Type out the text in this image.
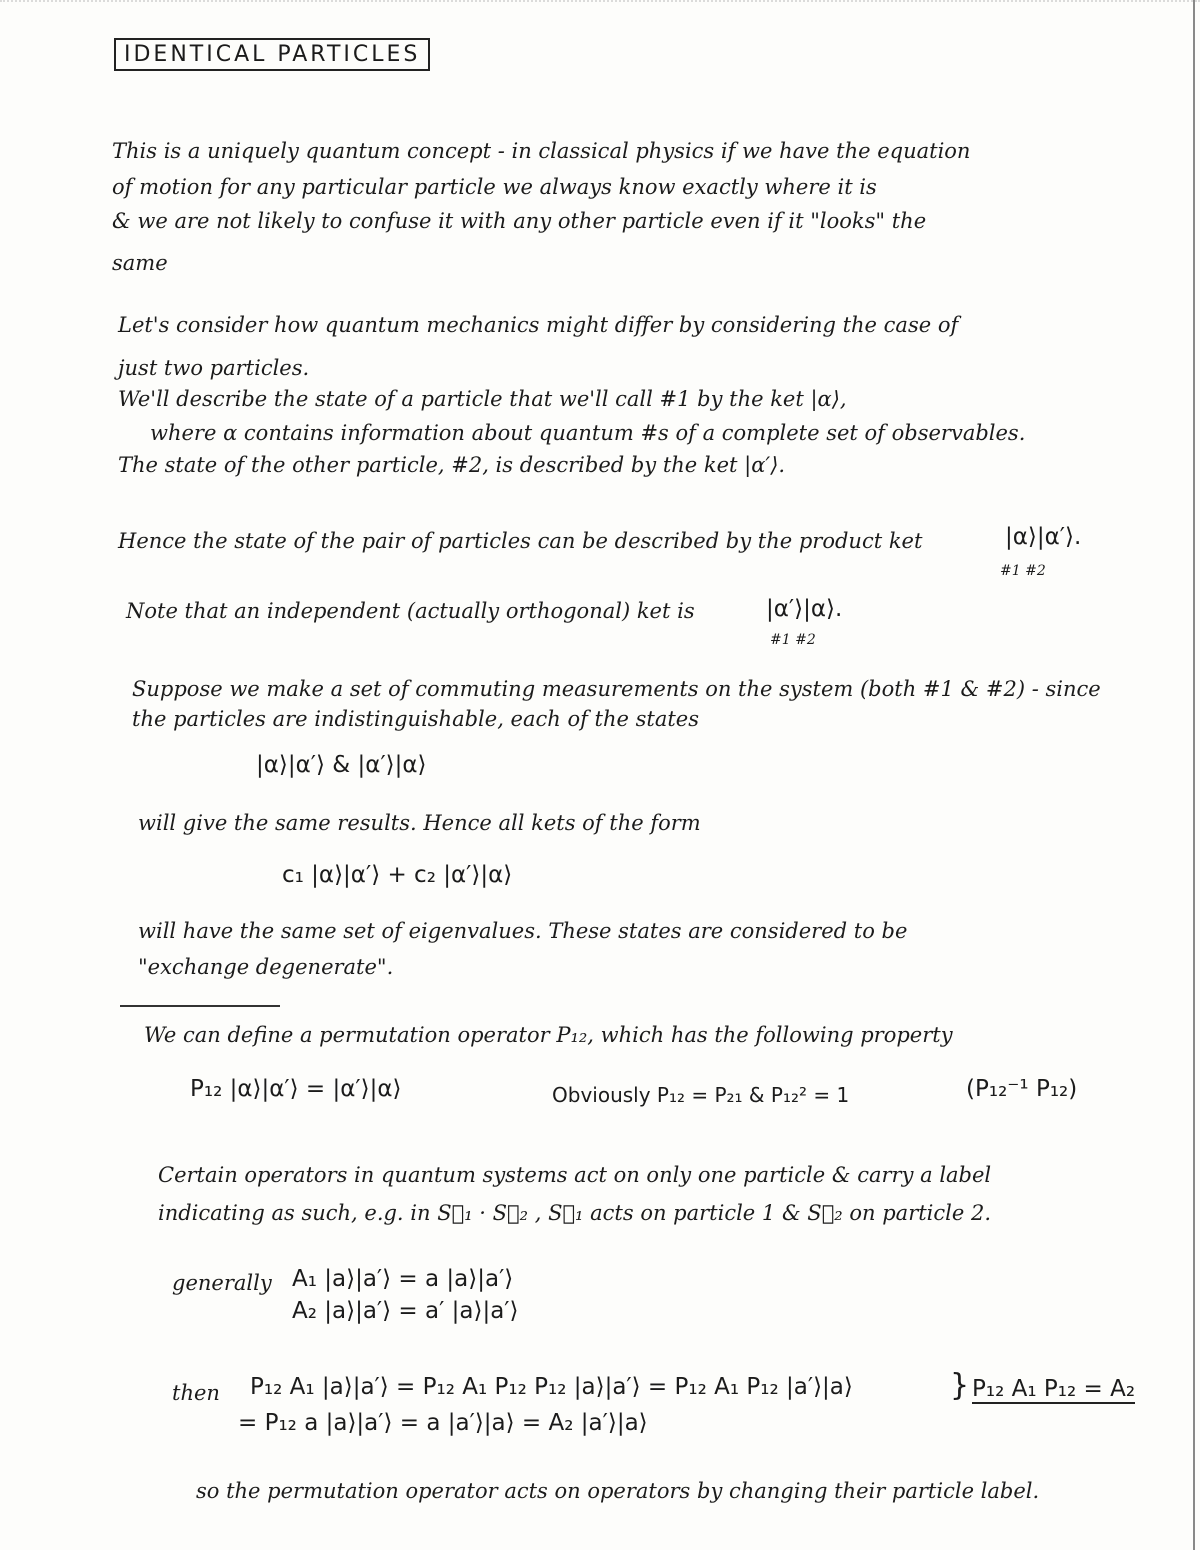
IDENTICAL PARTICLES
This is a uniquely quantum concept - in classical physics if we have the equation
of motion for any particular particle we always know exactly where it is
& we are not likely to confuse it with any other particle even if it "looks" the
same
Let's consider how quantum mechanics might differ by considering the case of
just two particles.
We'll describe the state of a particle that we'll call #1 by the ket |α⟩,
where α contains information about quantum #s of a complete set of observables.
The state of the other particle, #2, is described by the ket |α′⟩.
Hence the state of the pair of particles can be described by the product ket	|α⟩|α′⟩.
#1 #2
Note that an independent (actually orthogonal) ket is	|α′⟩|α⟩.
#1 #2
Suppose we make a set of commuting measurements on the system (both #1 & #2) - since
the particles are indistinguishable, each of the states
|α⟩|α′⟩ & |α′⟩|α⟩
will give the same results. Hence all kets of the form
c₁ |α⟩|α′⟩ + c₂ |α′⟩|α⟩
will have the same set of eigenvalues. These states are considered to be
"exchange degenerate".
We can define a permutation operator P₁₂, which has the following property
P₁₂ |α⟩|α′⟩ = |α′⟩|α⟩	Obviously P₁₂ = P₂₁ & P₁₂² = 1	(P₁₂⁻¹ P₁₂)
Certain operators in quantum systems act on only one particle & carry a label
indicating as such, e.g. in S⃗₁ · S⃗₂ , S⃗₁ acts on particle 1 & S⃗₂ on particle 2.
generally A₁ |a⟩|a′⟩ = a |a⟩|a′⟩
A₂ |a⟩|a′⟩ = a′ |a⟩|a′⟩
then P₁₂ A₁ |a⟩|a′⟩ = P₁₂ A₁ P₁₂ P₁₂ |a⟩|a′⟩ = P₁₂ A₁ P₁₂ |a′⟩|a⟩
= P₁₂ a |a⟩|a′⟩ = a |a′⟩|a⟩ = A₂ |a′⟩|a⟩
} P₁₂ A₁ P₁₂ = A₂
so the permutation operator acts on operators by changing their particle label.
